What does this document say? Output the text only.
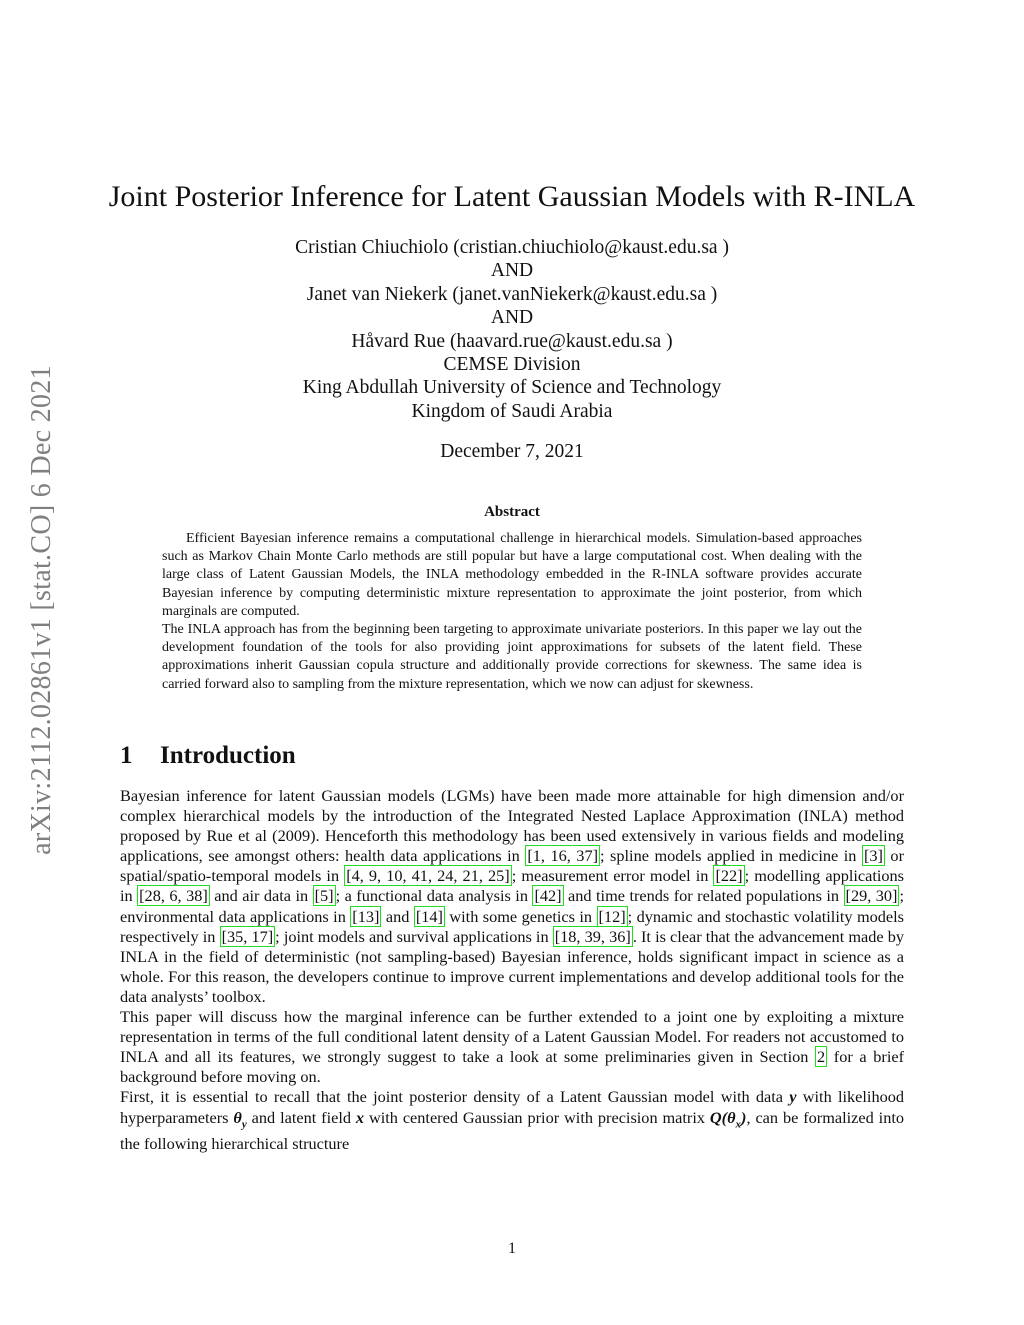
arXiv:2112.02861v1 [stat.CO] 6 Dec 2021
Joint Posterior Inference for Latent Gaussian Models with R-INLA
Cristian Chiuchiolo (cristian.chiuchiolo@kaust.edu.sa )
AND
Janet van Niekerk (janet.vanNiekerk@kaust.edu.sa )
AND
Håvard Rue (haavard.rue@kaust.edu.sa )
CEMSE Division
King Abdullah University of Science and Technology
Kingdom of Saudi Arabia
December 7, 2021
Abstract

Efficient Bayesian inference remains a computational challenge in hierarchical models. Simulation-based approaches such as Markov Chain Monte Carlo methods are still popular but have a large computational cost. When dealing with the large class of Latent Gaussian Models, the INLA methodology embedded in the R-INLA software provides accurate Bayesian inference by computing deterministic mixture representation to approximate the joint posterior, from which marginals are computed.

The INLA approach has from the beginning been targeting to approximate univariate posteriors. In this paper we lay out the development foundation of the tools for also providing joint approximations for subsets of the latent field. These approximations inherit Gaussian copula structure and additionally provide corrections for skewness. The same idea is carried forward also to sampling from the mixture representation, which we now can adjust for skewness.

1 Introduction

Bayesian inference for latent Gaussian models (LGMs) have been made more attainable for high dimension and/or complex hierarchical models by the introduction of the Integrated Nested Laplace Approximation (INLA) method proposed by Rue et al (2009). Henceforth this methodology has been used extensively in various fields and modeling applications, see amongst others: health data applications in [1, 16, 37] ; spline models applied in medicine in [3] or spatial/spatio-temporal models in [4, 9, 10, 41, 24, 21, 25] ; measurement error model in [22] ; modelling applications in [28, 6, 38] and air data in [5] ; a functional data analysis in [42] and time trends for related populations in [29, 30] ; environmental data applications in [13] and [14] with some genetics in [12] ; dynamic and stochastic volatility models respectively in [35, 17] ; joint models and survival applications in [18, 39, 36] . It is clear that the advancement made by INLA in the field of deterministic (not sampling-based) Bayesian inference, holds significant impact in science as a whole. For this reason, the developers continue to improve current implementations and develop additional tools for the data analysts’ toolbox.

This paper will discuss how the marginal inference can be further extended to a joint one by exploiting a mixture representation in terms of the full conditional latent density of a Latent Gaussian Model. For readers not accustomed to INLA and all its features, we strongly suggest to take a look at some preliminaries given in Section 2 for a brief background before moving on.

First, it is essential to recall that the joint posterior density of a Latent Gaussian model with data y with likelihood hyperparameters $\theta_y$ and latent field x with centered Gaussian prior with precision matrix $Q(\theta_x)$, can be formalized into the following hierarchical structure

1
